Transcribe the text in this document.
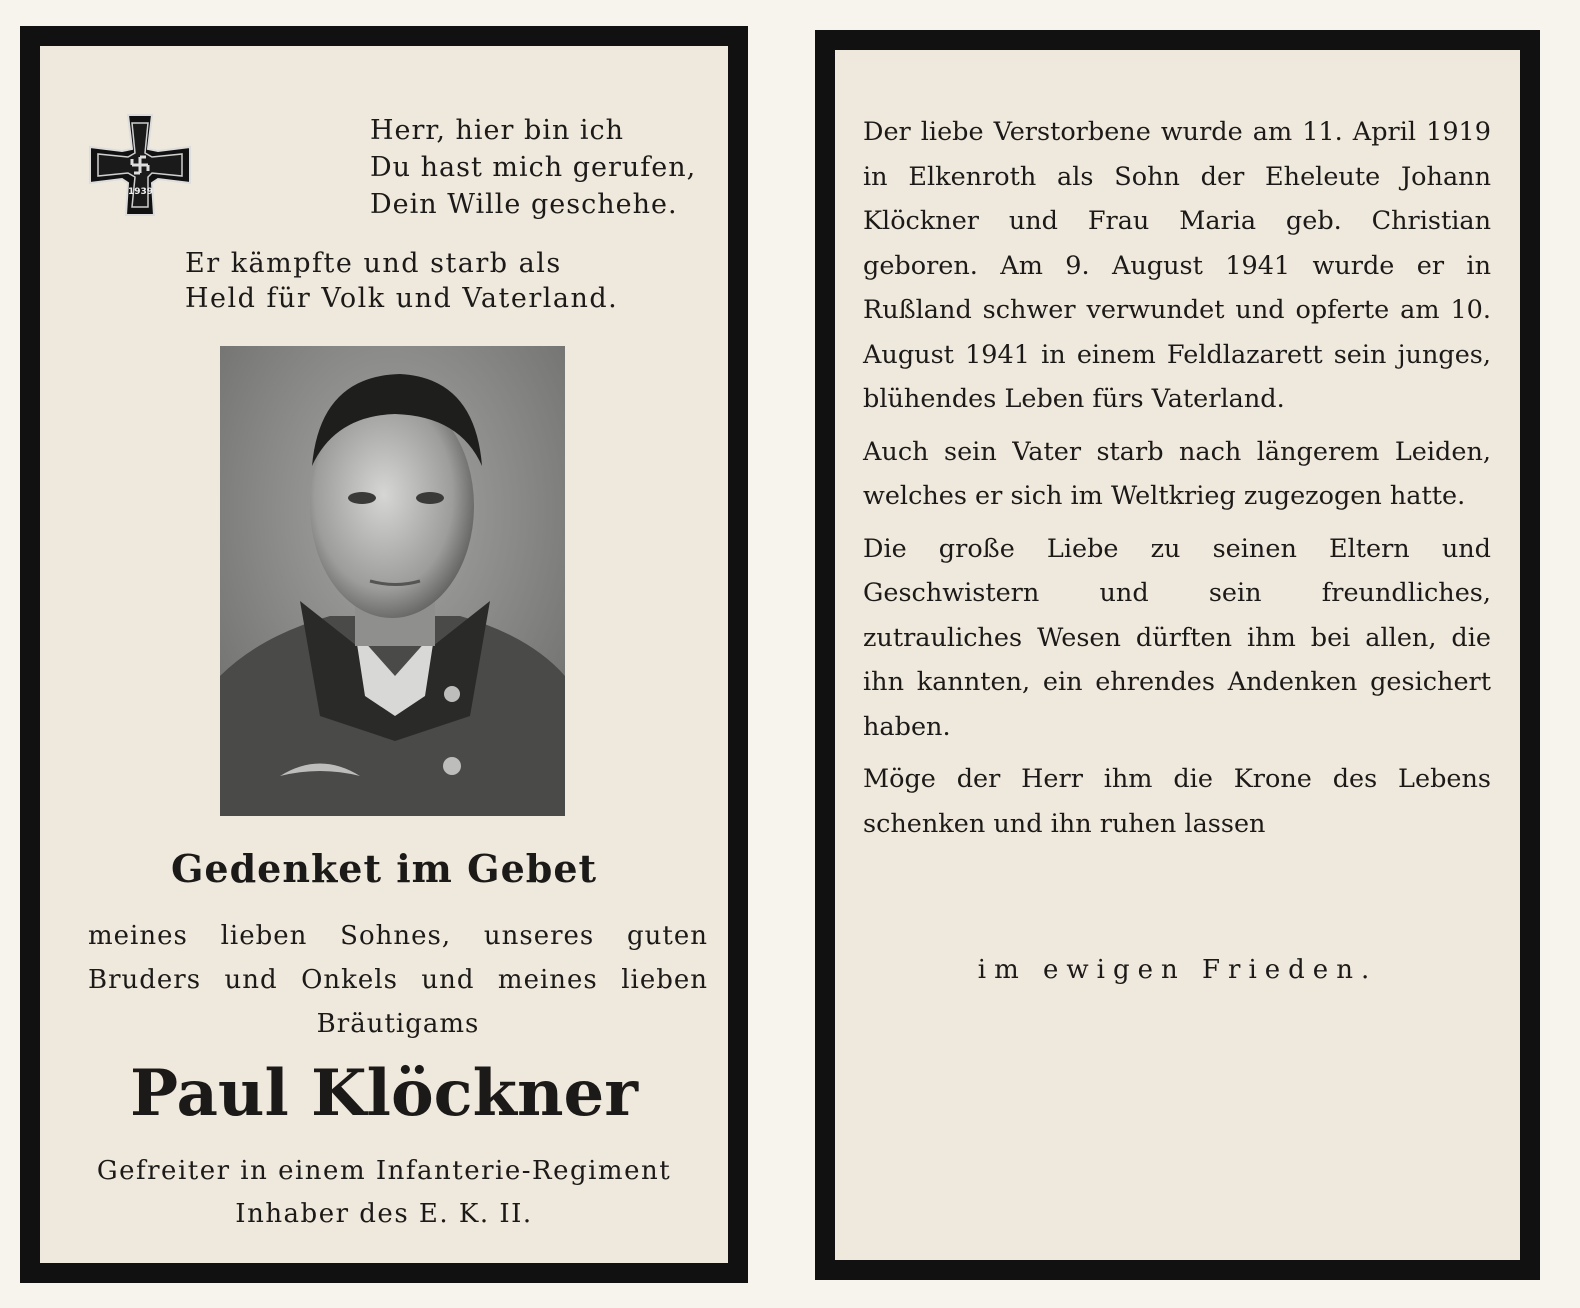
1939
Herr, hier bin ich
Du hast mich gerufen,
Dein Wille geschehe.
Er kämpfte und starb als
Held für Volk und Vaterland.
Gedenket im Gebet
meines lieben Sohnes, unseres guten Bruders und Onkels und meines lieben Bräutigams
Paul Klöckner
Gefreiter in einem Infanterie-Regiment
Inhaber des E. K. II.

Der liebe Verstorbene wurde am 11. April 1919 in Elkenroth als Sohn der Eheleute Johann Klöckner und Frau Maria geb. Christian geboren. Am 9. August 1941 wurde er in Rußland schwer verwundet und opferte am 10. August 1941 in einem Feldlazarett sein junges, blühendes Leben fürs Vaterland.

Auch sein Vater starb nach längerem Leiden, welches er sich im Weltkrieg zugezogen hatte.

Die große Liebe zu seinen Eltern und Geschwistern und sein freundliches, zutrauliches Wesen dürften ihm bei allen, die ihn kannten, ein ehrendes Andenken gesichert haben.

Möge der Herr ihm die Krone des Lebens schenken und ihn ruhen lassen

im ewigen Frieden.
